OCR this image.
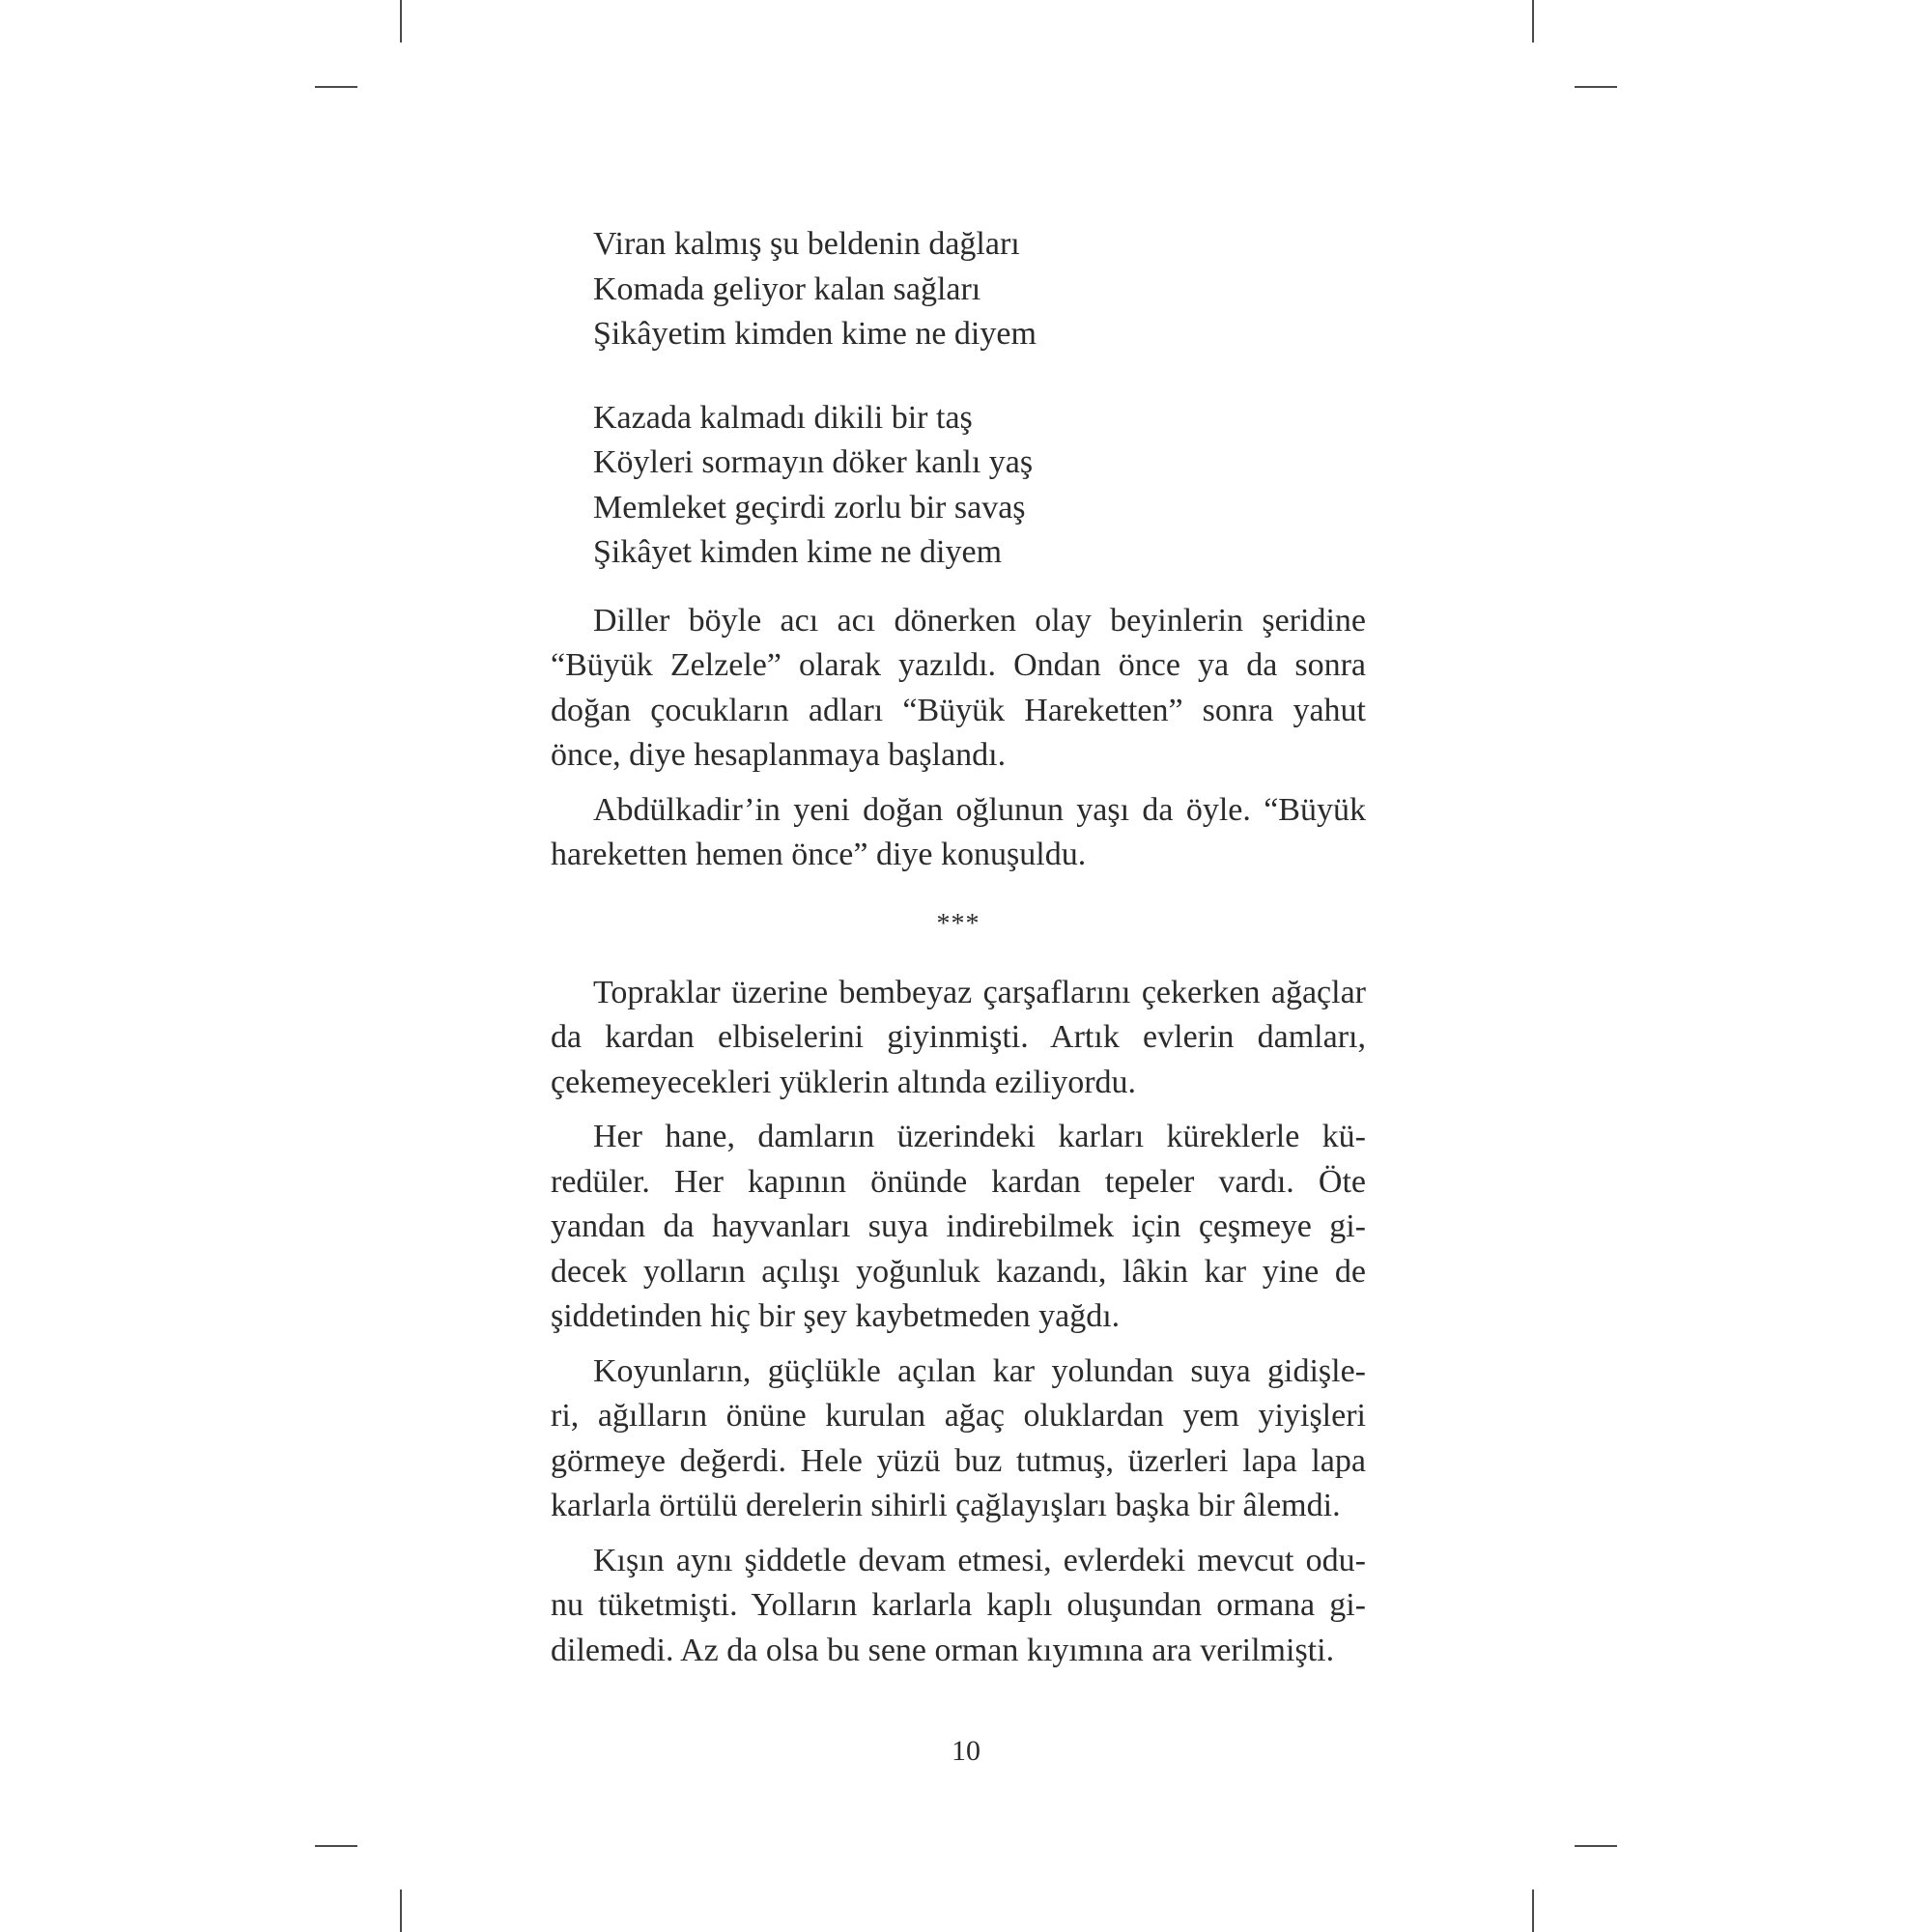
Viran kalmış şu beldenin dağları
Komada geliyor kalan sağları
Şikâyetim kimden kime ne diyem
Kazada kalmadı dikili bir taş
Köyleri sormayın döker kanlı yaş
Memleket geçirdi zorlu bir savaş
Şikâyet kimden kime ne diyem
Diller böyle acı acı dönerken olay beyinlerin şeridine
“Büyük Zelzele” olarak yazıldı. Ondan önce ya da sonra
doğan çocukların adları “Büyük Hareketten” sonra yahut
önce, diye hesaplanmaya başlandı.
Abdülkadir’in yeni doğan oğlunun yaşı da öyle. “Büyük
hareketten hemen önce” diye konuşuldu.
***
Topraklar üzerine bembeyaz çarşaflarını çekerken ağaçlar
da kardan elbiselerini giyinmişti. Artık evlerin damları,
çekemeyecekleri yüklerin altında eziliyordu.
Her hane, damların üzerindeki karları küreklerle kü-
redüler. Her kapının önünde kardan tepeler vardı. Öte
yandan da hayvanları suya indirebilmek için çeşmeye gi-
decek yolların açılışı yoğunluk kazandı, lâkin kar yine de
şiddetinden hiç bir şey kaybetmeden yağdı.
Koyunların, güçlükle açılan kar yolundan suya gidişle-
ri, ağılların önüne kurulan ağaç oluklardan yem yiyişleri
görmeye değerdi. Hele yüzü buz tutmuş, üzerleri lapa lapa
karlarla örtülü derelerin sihirli çağlayışları başka bir âlemdi.
Kışın aynı şiddetle devam etmesi, evlerdeki mevcut odu-
nu tüketmişti. Yolların karlarla kaplı oluşundan ormana gi-
dilemedi. Az da olsa bu sene orman kıyımına ara verilmişti.
10
